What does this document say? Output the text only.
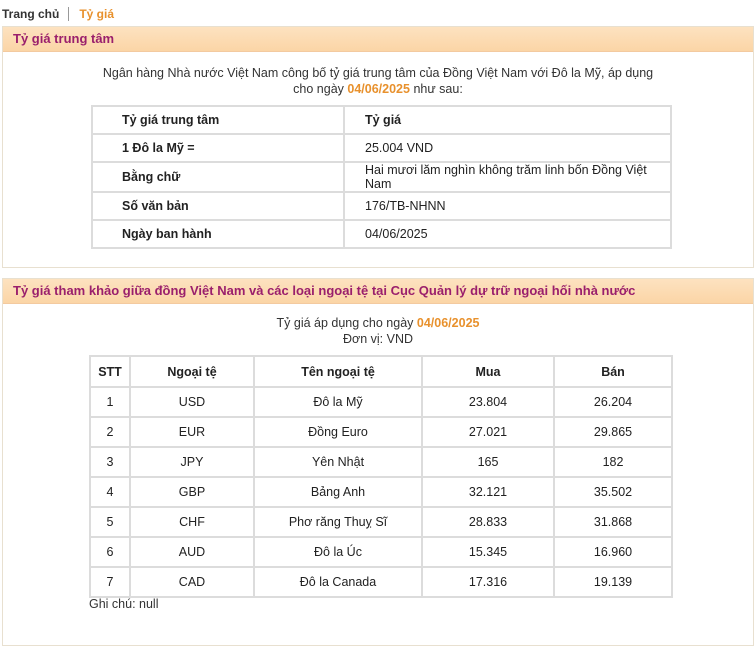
Trang chủ Tỷ giá
Tỷ giá trung tâm
Ngân hàng Nhà nước Việt Nam công bố tỷ giá trung tâm của Đồng Việt Nam với Đô la Mỹ, áp dụng
cho ngày 04/06/2025 như sau:
Tỷ giá trung tâm	Tỷ giá
1 Đô la Mỹ =	25.004 VND
Bằng chữ	Hai mươi lăm nghìn không trăm linh bốn Đồng Việt Nam
Số văn bản	176/TB-NHNN
Ngày ban hành	04/06/2025
Tỷ giá tham khảo giữa đồng Việt Nam và các loại ngoại tệ tại Cục Quản lý dự trữ ngoại hối nhà nước
Tỷ giá áp dụng cho ngày 04/06/2025
Đơn vị: VND
STT	Ngoại tệ	Tên ngoại tệ	Mua	Bán
1	USD	Đô la Mỹ	23.804	26.204
2	EUR	Đồng Euro	27.021	29.865
3	JPY	Yên Nhật	165	182
4	GBP	Bảng Anh	32.121	35.502
5	CHF	Phơ răng Thuỵ Sĩ	28.833	31.868
6	AUD	Đô la Úc	15.345	16.960
7	CAD	Đô la Canada	17.316	19.139
Ghi chú: null
